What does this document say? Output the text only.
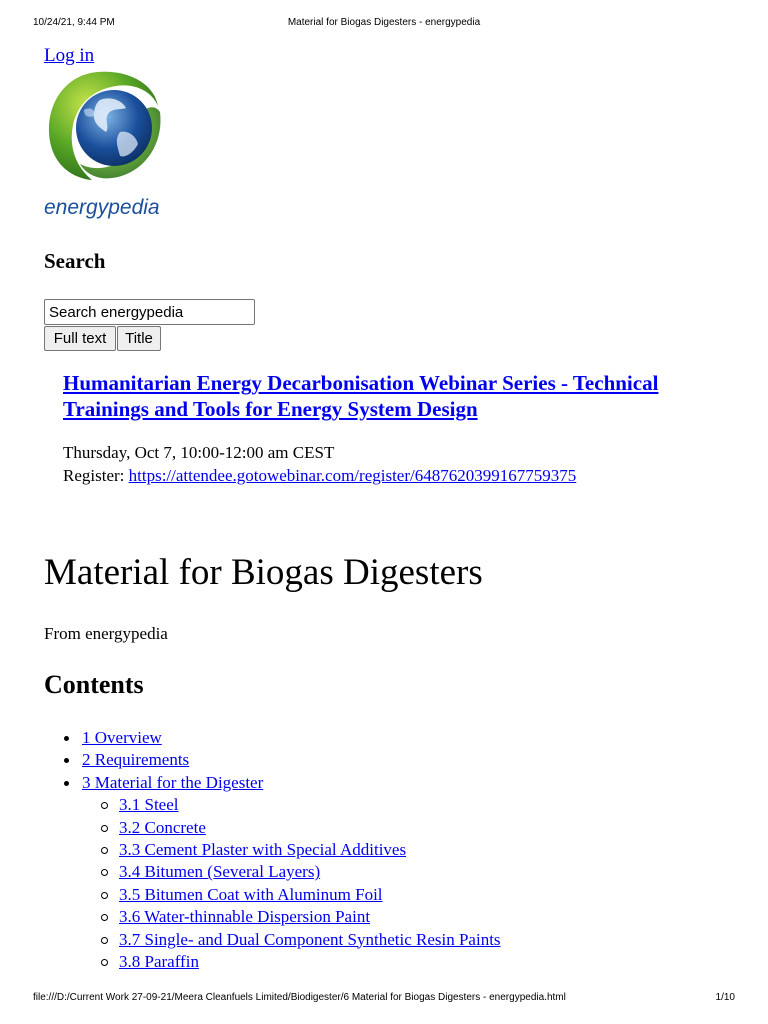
10/24/21, 9:44 PM	Material for Biogas Digesters - energypedia
Log in
energypedia
Search
Search energypedia
Full text	Title
Humanitarian Energy Decarbonisation Webinar Series - Technical Trainings and Tools for Energy System Design
Thursday, Oct 7, 10:00-12:00 am CEST
Register: https://attendee.gotowebinar.com/register/6487620399167759375
Material for Biogas Digesters
From energypedia
Contents
1 Overview
2 Requirements
3 Material for the Digester
3.1 Steel
3.2 Concrete
3.3 Cement Plaster with Special Additives
3.4 Bitumen (Several Layers)
3.5 Bitumen Coat with Aluminum Foil
3.6 Water-thinnable Dispersion Paint
3.7 Single- and Dual Component Synthetic Resin Paints
3.8 Paraffin
file:///D:/Current Work 27-09-21/Meera Cleanfuels Limited/Biodigester/6 Material for Biogas Digesters - energypedia.html	1/10
